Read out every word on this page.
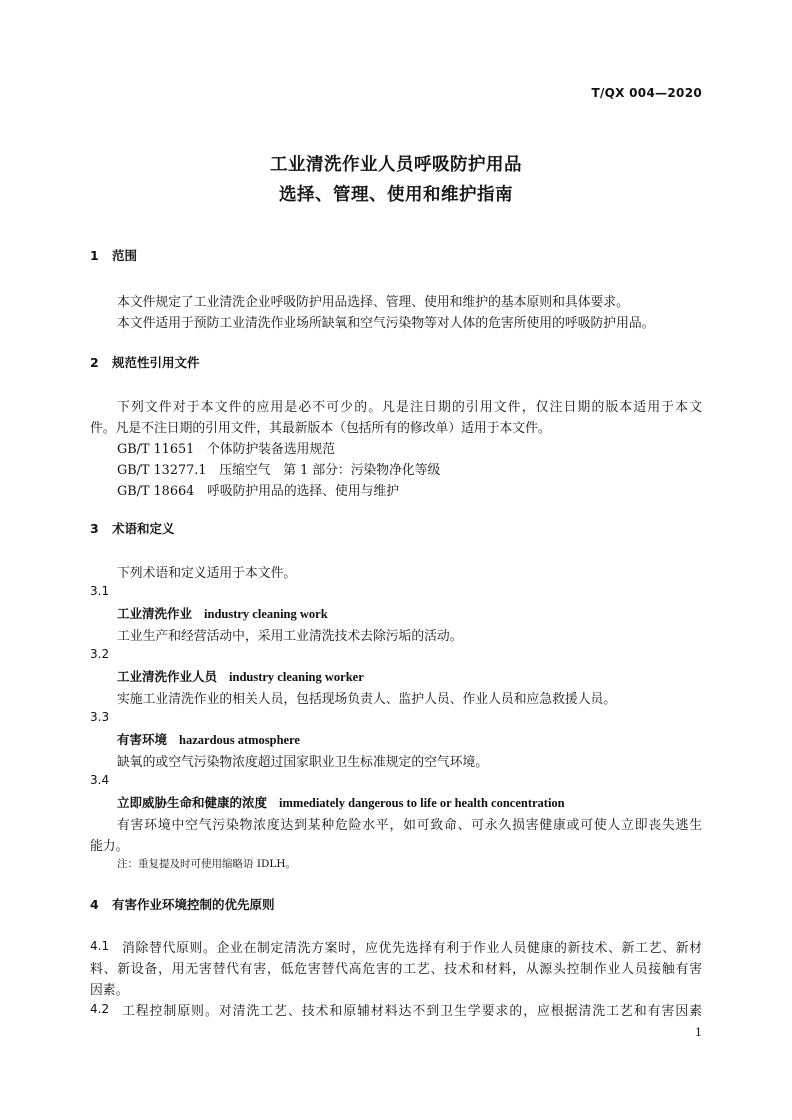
T/QX 004—2020
工业清洗作业人员呼吸防护用品
选择、管理、使用和维护指南
1 范围
本文件规定了工业清洗企业呼吸防护用品选择、管理、使用和维护的基本原则和具体要求。
本文件适用于预防工业清洗作业场所缺氧和空气污染物等对人体的危害所使用的呼吸防护用品。
2 规范性引用文件
下列文件对于本文件的应用是必不可少的。凡是注日期的引用文件，仅注日期的版本适用于本文
件。凡是不注日期的引用文件，其最新版本（包括所有的修改单）适用于本文件。
GB/T 11651　 个体防护装备选用规范
GB/T 13277.1　 压缩空气　第 1 部分：污染物净化等级
GB/T 18664　 呼吸防护用品的选择、使用与维护
3 术语和定义
下列术语和定义适用于本文件。
3.1
工业清洗作业 industry cleaning work
工业生产和经营活动中，采用工业清洗技术去除污垢的活动。
3.2
工业清洗作业人员 industry cleaning worker
实施工业清洗作业的相关人员，包括现场负责人、监护人员、作业人员和应急救援人员。
3.3
有害环境 hazardous atmosphere
缺氧的或空气污染物浓度超过国家职业卫生标准规定的空气环境。
3.4
立即威胁生命和健康的浓度 immediately dangerous to life or health concentration
有害环境中空气污染物浓度达到某种危险水平，如可致命、可永久损害健康或可使人立即丧失逃生
能力。
注：重复提及时可使用缩略语 IDLH。
4 有害作业环境控制的优先原则
4.1 消除替代原则。企业在制定清洗方案时，应优先选择有利于作业人员健康的新技术、新工艺、新材
料、新设备，用无害替代有害，低危害替代高危害的工艺、技术和材料，从源头控制作业人员接触有害
因素。
4.2 工程控制原则。对清洗工艺、技术和原辅材料达不到卫生学要求的，应根据清洗工艺和有害因素
1
